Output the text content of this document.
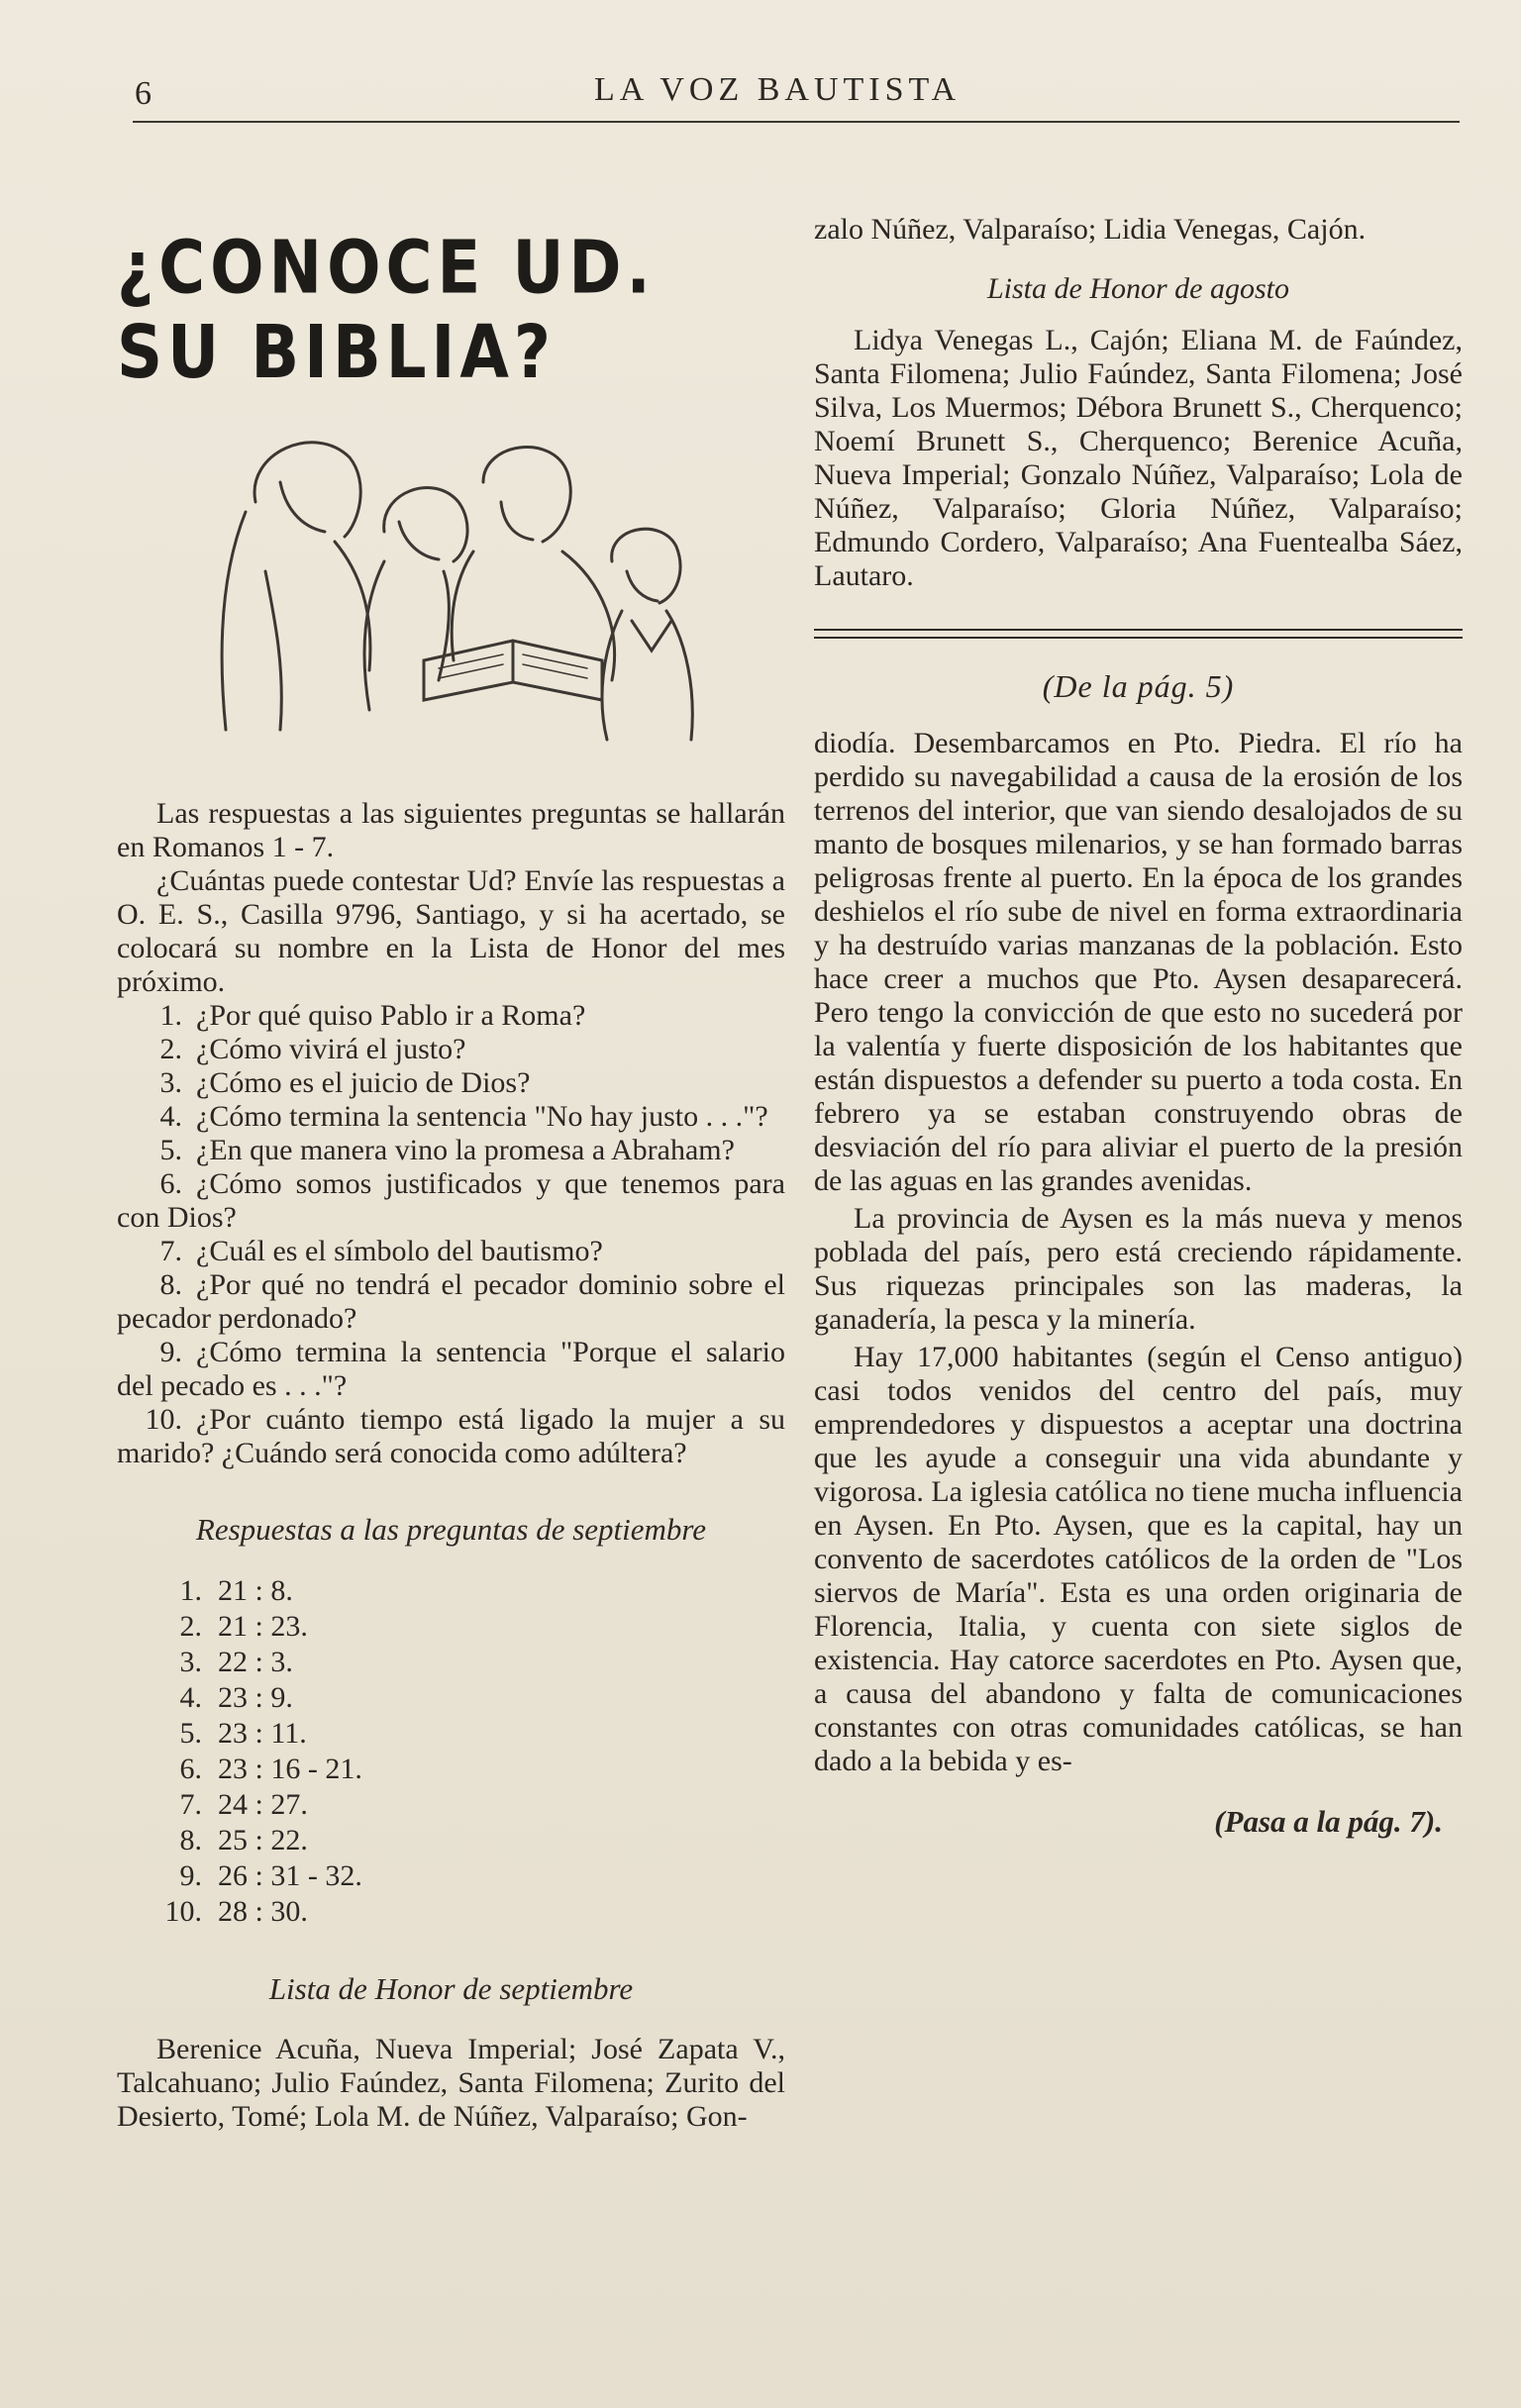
6	LA VOZ BAUTISTA
¿CONOCE UD. SU BIBLIA?

Las respuestas a las siguientes preguntas se hallarán en Romanos 1 - 7.

¿Cuántas puede contestar Ud? Envíe las respuestas a O. E. S., Casilla 9796, Santiago, y si ha acertado, se colocará su nombre en la Lista de Honor del mes próximo.

1. ¿Por qué quiso Pablo ir a Roma?
2. ¿Cómo vivirá el justo?
3. ¿Cómo es el juicio de Dios?
4. ¿Cómo termina la sentencia "No hay justo . . ."?
5. ¿En que manera vino la promesa a Abraham?
6. ¿Cómo somos justificados y que tenemos para con Dios?
7. ¿Cuál es el símbolo del bautismo?
8. ¿Por qué no tendrá el pecador dominio sobre el pecador perdonado?
9. ¿Cómo termina la sentencia "Porque el salario del pecado es . . ."?
10. ¿Por cuánto tiempo está ligado la mujer a su marido? ¿Cuándo será conocida como adúltera?
Respuestas a las preguntas de septiembre
1. 21 : 8.
2. 21 : 23.
3. 22 : 3.
4. 23 : 9.
5. 23 : 11.
6. 23 : 16 - 21.
7. 24 : 27.
8. 25 : 22.
9. 26 : 31 - 32.
10. 28 : 30.
Lista de Honor de septiembre

Berenice Acuña, Nueva Imperial; José Zapata V., Talcahuano; Julio Faúndez, Santa Filomena; Zurito del Desierto, Tomé; Lola M. de Núñez, Valparaíso; Gon-

zalo Núñez, Valparaíso; Lidia Venegas, Cajón.

Lista de Honor de agosto

Lidya Venegas L., Cajón; Eliana M. de Faúndez, Santa Filomena; Julio Faúndez, Santa Filomena; José Silva, Los Muermos; Débora Brunett S., Cherquenco; Noemí Brunett S., Cherquenco; Berenice Acuña, Nueva Imperial; Gonzalo Núñez, Valparaíso; Lola de Núñez, Valparaíso; Gloria Núñez, Valparaíso; Edmundo Cordero, Valparaíso; Ana Fuentealba Sáez, Lautaro.

(De la pág. 5)

diodía. Desembarcamos en Pto. Piedra. El río ha perdido su navegabilidad a causa de la erosión de los terrenos del interior, que van siendo desalojados de su manto de bosques milenarios, y se han formado barras peligrosas frente al puerto. En la época de los grandes deshielos el río sube de nivel en forma extraordinaria y ha destruído varias manzanas de la población. Esto hace creer a muchos que Pto. Aysen desaparecerá. Pero tengo la convicción de que esto no sucederá por la valentía y fuerte disposición de los habitantes que están dispuestos a defender su puerto a toda costa. En febrero ya se estaban construyendo obras de desviación del río para aliviar el puerto de la presión de las aguas en las grandes avenidas.

La provincia de Aysen es la más nueva y menos poblada del país, pero está creciendo rápidamente. Sus riquezas principales son las maderas, la ganadería, la pesca y la minería.

Hay 17,000 habitantes (según el Censo antiguo) casi todos venidos del centro del país, muy emprendedores y dispuestos a aceptar una doctrina que les ayude a conseguir una vida abundante y vigorosa. La iglesia católica no tiene mucha influencia en Aysen. En Pto. Aysen, que es la capital, hay un convento de sacerdotes católicos de la orden de "Los siervos de María". Esta es una orden originaria de Florencia, Italia, y cuenta con siete siglos de existencia. Hay catorce sacerdotes en Pto. Aysen que, a causa del abandono y falta de comunicaciones constantes con otras comunidades católicas, se han dado a la bebida y es-

(Pasa a la pág. 7).
